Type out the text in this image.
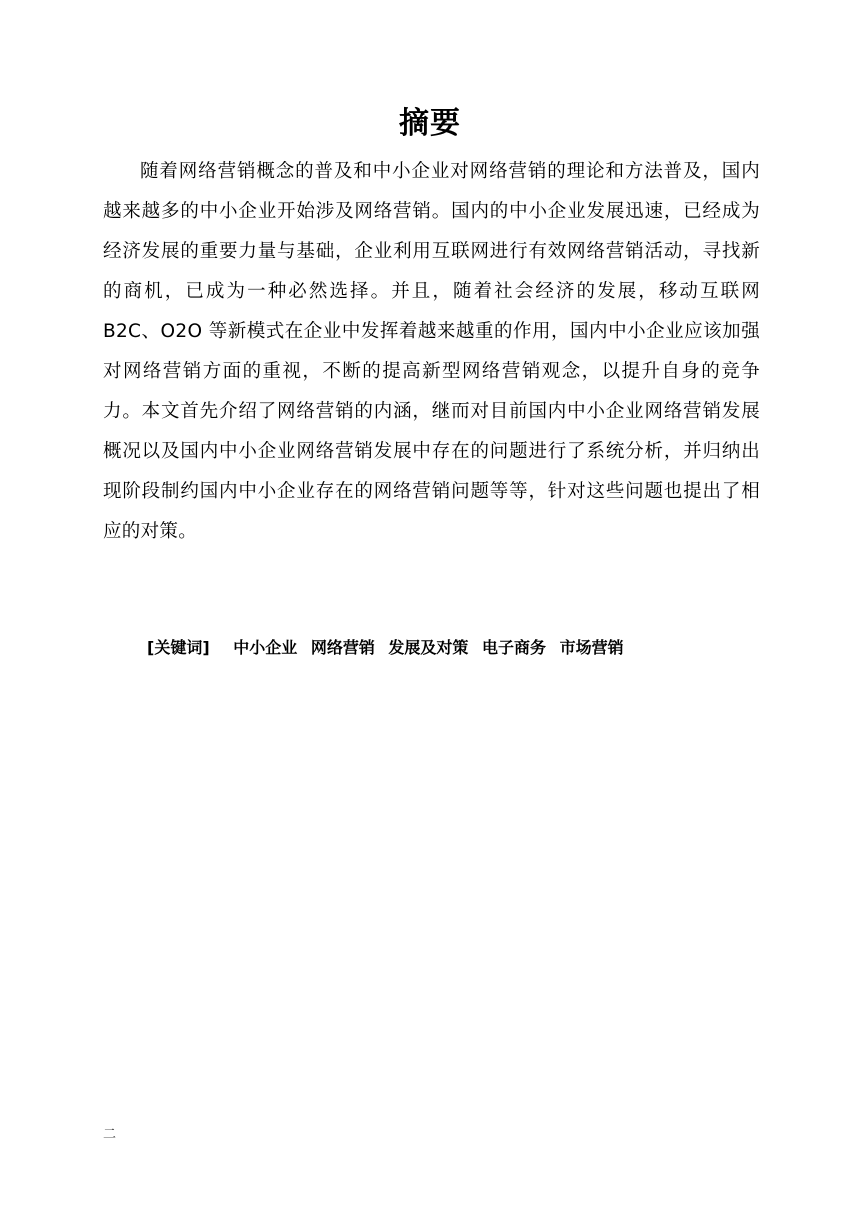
摘要

随着网络营销概念的普及和中小企业对网络营销的理论和方法普及，国内越来越多的中小企业开始涉及网络营销。国内的中小企业发展迅速，已经成为经济发展的重要力量与基础，企业利用互联网进行有效网络营销活动，寻找新的商机，已成为一种必然选择。并且，随着社会经济的发展，移动互联网 B2C、O2O 等新模式在企业中发挥着越来越重的作用，国内中小企业应该加强对网络营销方面的重视，不断的提高新型网络营销观念，以提升自身的竞争力。本文首先介绍了网络营销的内涵，继而对目前国内中小企业网络营销发展概况以及国内中小企业网络营销发展中存在的问题进行了系统分析，并归纳出现阶段制约国内中小企业存在的网络营销问题等等，针对这些问题也提出了相应的对策。

[关键词] 中小企业 网络营销 发展及对策 电子商务 市场营销
二
